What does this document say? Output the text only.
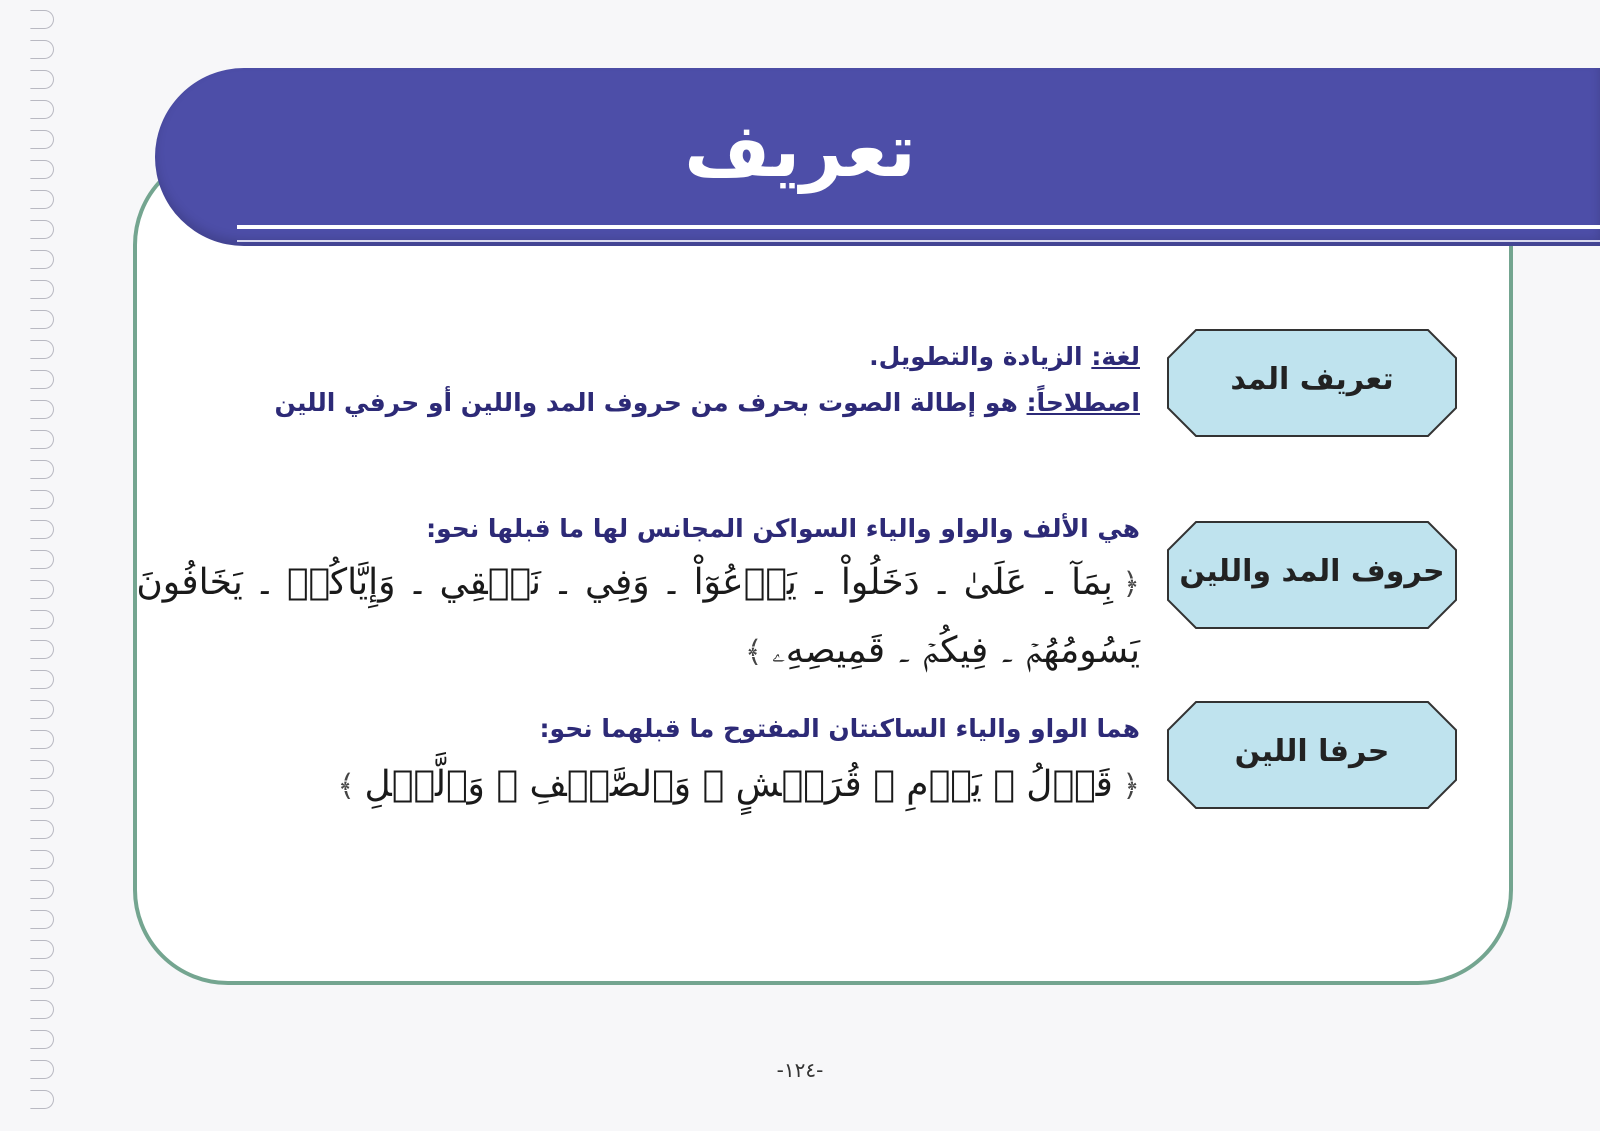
تعريف
تعريف المد
لغة: الزيادة والتطويل.
اصطلاحاً: هو إطالة الصوت بحرف من حروف المد واللين أو حرفي اللين
حروف المد واللين
هي الألف والواو والياء السواكن المجانس لها ما قبلها نحو:
﴿ بِمَآ ۔ عَلَىٰ ۔ دَخَلُواْ ۔ يَدۡعُوٓاْ ۔ وَفِي ۔ نَسۡقِي ۔ وَإِيَّاكُمۡ ۔ يَخَافُونَ
يَسُومُهُمۡ ۔ فِيكُمۡ ۔ قَمِيصِهِۦ ﴾
حرفا اللين
هما الواو والياء الساكنتان المفتوح ما قبلهما نحو:
﴿ قَوۡلُ ۔ يَوۡمِ ۔ قُرَيۡشٍ ۔ وَٱلصَّيۡفِ ۔ وَٱلَّيۡلِ ﴾
-١٢٤-
